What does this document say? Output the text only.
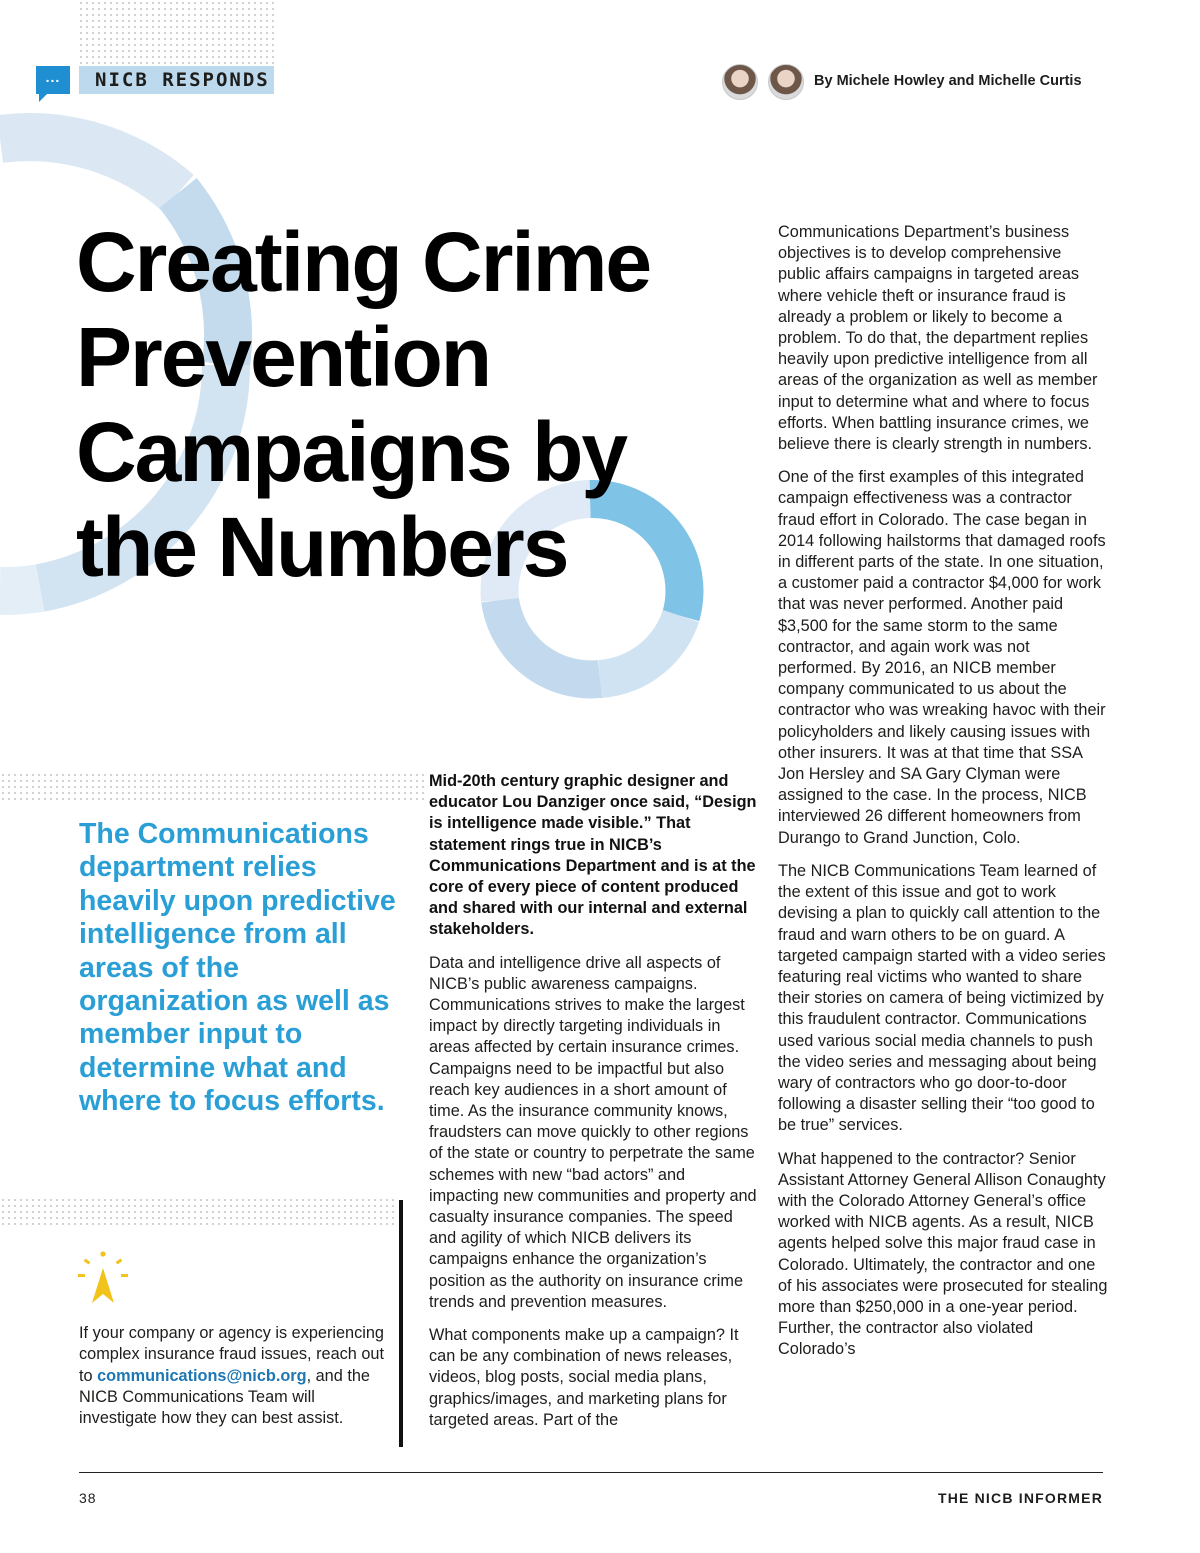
...	NICB RESPONDS	By Michele Howley and Michelle Curtis
Creating Crime
Prevention
Campaigns by
the Numbers
The Communications department relies heavily upon predictive intelligence from all areas of the organization as well as member input to determine what and where to focus efforts.
If your company or agency is experiencing complex insurance fraud issues, reach out to communications@nicb.org, and the NICB Communications Team will investigate how they can best assist.

Mid-20th century graphic designer and educator Lou Danziger once said, “Design is intelligence made visible.” That statement rings true in NICB’s Communications Department and is at the core of every piece of content produced and shared with our internal and external stakeholders.

Data and intelligence drive all aspects of NICB’s public awareness campaigns. Communications strives to make the largest impact by directly targeting individuals in areas affected by certain insurance crimes. Campaigns need to be impactful but also reach key audiences in a short amount of time. As the insurance community knows, fraudsters can move quickly to other regions of the state or country to perpetrate the same schemes with new “bad actors” and impacting new communities and property and casualty insurance companies. The speed and agility of which NICB delivers its campaigns enhance the organization’s position as the authority on insurance crime trends and prevention measures.

What components make up a campaign? It can be any combination of news releases, videos, blog posts, social media plans, graphics/images, and marketing plans for targeted areas. Part of the

Communications Department’s business objectives is to develop comprehensive public affairs campaigns in targeted areas where vehicle theft or insurance fraud is already a problem or likely to become a problem. To do that, the department replies heavily upon predictive intelligence from all areas of the organization as well as member input to determine what and where to focus efforts. When battling insurance crimes, we believe there is clearly strength in numbers.

One of the first examples of this integrated campaign effectiveness was a contractor fraud effort in Colorado. The case began in 2014 following hailstorms that damaged roofs in different parts of the state. In one situation, a customer paid a contractor $4,000 for work that was never performed. Another paid $3,500 for the same storm to the same contractor, and again work was not performed. By 2016, an NICB member company communicated to us about the contractor who was wreaking havoc with their policyholders and likely causing issues with other insurers. It was at that time that SSA Jon Hersley and SA Gary Clyman were assigned to the case. In the process, NICB interviewed 26 different homeowners from Durango to Grand Junction, Colo.

The NICB Communications Team learned of the extent of this issue and got to work devising a plan to quickly call attention to the fraud and warn others to be on guard. A targeted campaign started with a video series featuring real victims who wanted to share their stories on camera of being victimized by this fraudulent contractor. Communications used various social media channels to push the video series and messaging about being wary of contractors who go door-to-door following a disaster selling their “too good to be true” services.

What happened to the contractor? Senior Assistant Attorney General Allison Conaughty with the Colorado Attorney General’s office worked with NICB agents. As a result, NICB agents helped solve this major fraud case in Colorado. Ultimately, the contractor and one of his associates were prosecuted for stealing more than $250,000 in a one-year period. Further, the contractor also violated Colorado’s

38	THE NICB INFORMER
